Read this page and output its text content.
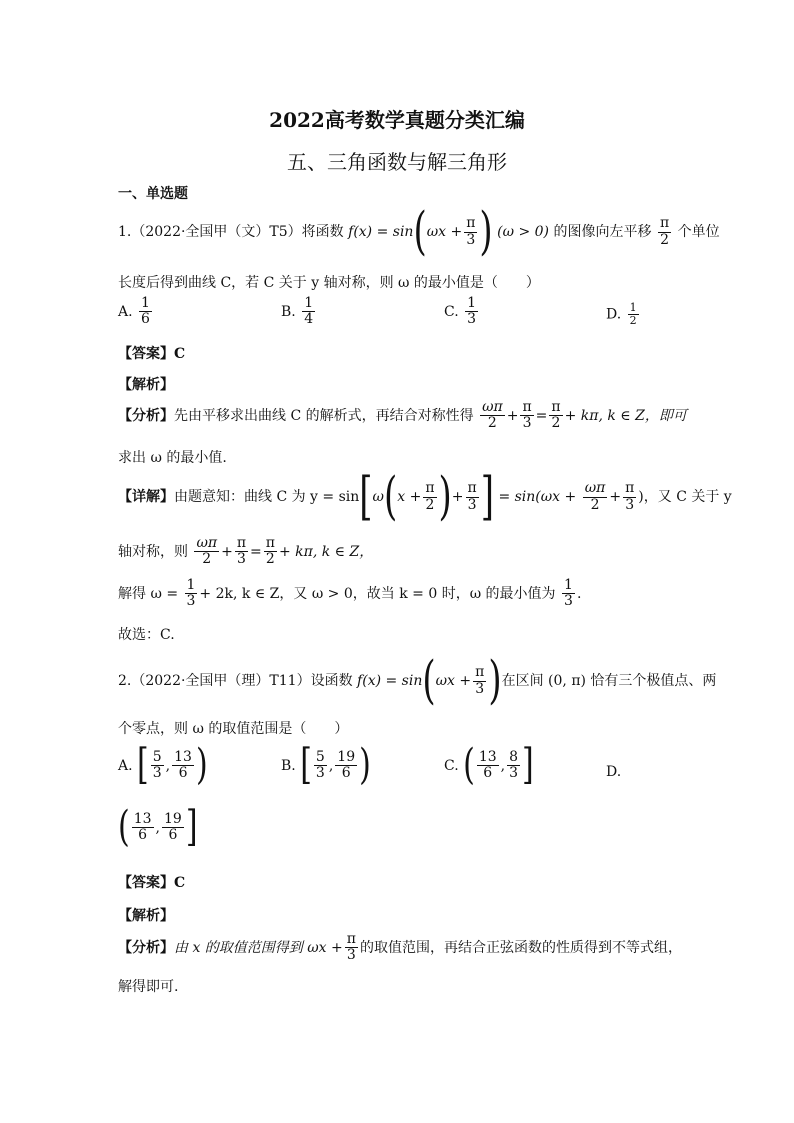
2022高考数学真题分类汇编
五、三角函数与解三角形
一、单选题
1.（2022·全国甲（文）T5）将函数 $f(x) = \sin(\omega x + \frac{\pi}{3}$ ) (ω > 0) 的图像向左平移 $\frac{\pi}{2}$ 个单位
长度后得到曲线 C，若 C 关于 y 轴对称，则 ω 的最小值是（　　）
A. $\frac{1}{6}$	B. $\frac{1}{4}$	C. $\frac{1}{3}$	D. $\frac{1}{2}$
【答案】C
【解析】
【分析】先由平移求出曲线 C 的解析式，再结合对称性得 $\frac{\omega\pi}{2} + \frac{\pi}{3} = \frac{\pi}{2} + k\pi$, k ∈ Z，即可
求出 ω 的最小值.
【详解】由题意知：曲线 C 为 $y = \sin[\omega(x + \frac{\pi}{2}$ )+ $\frac{\pi}{3}$ ] = $\sin(\omega x + \frac{\omega\pi}{2} + \frac{\pi}{3}$ )，又 C 关于 y
轴对称，则 $\frac{\omega\pi}{2} + \frac{\pi}{3} = \frac{\pi}{2} + k\pi$, k ∈ Z，
解得 $\omega = \frac{1}{3} + 2k$, k ∈ Z，又 ω > 0，故当 k = 0 时，ω 的最小值为 $\frac{1}{3}$ .
故选：C.
2.（2022·全国甲（理）T11）设函数 $f(x) = \sin(\omega x + \frac{\pi}{3}$ )在区间 (0, π) 恰有三个极值点、两
个零点，则 ω 的取值范围是（　　）
A. [ $\frac{5}{3}$ , $\frac{13}{6}$ )	B. [ $\frac{5}{3}$ , $\frac{19}{6}$ )	C. ( $\frac{13}{6}$ , $\frac{8}{3}$ ]	D.
( $\frac{13}{6}$ , $\frac{19}{6}$ ]
【答案】C
【解析】
【分析】由 x 的取值范围得到 $\omega x + \frac{\pi}{3}$ 的取值范围，再结合正弦函数的性质得到不等式组，
解得即可.
